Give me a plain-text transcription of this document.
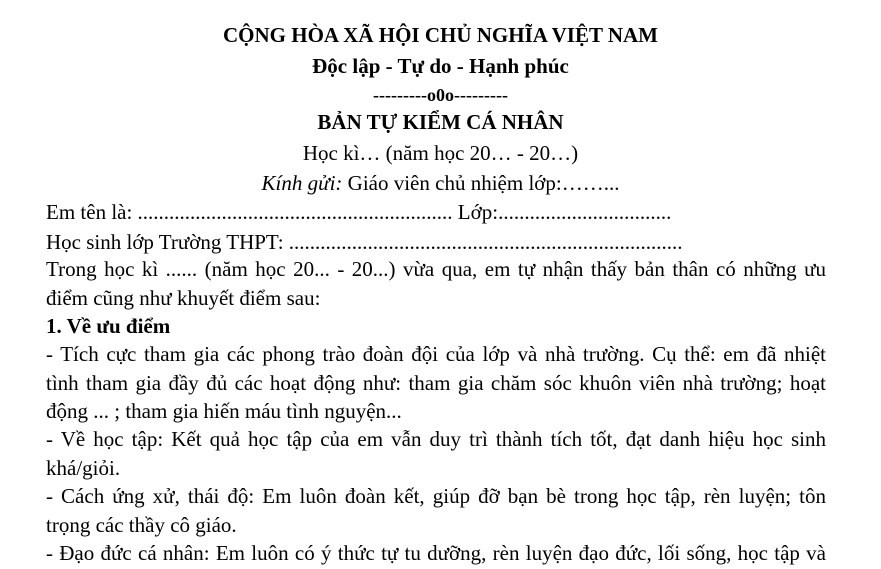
CỘNG HÒA XÃ HỘI CHỦ NGHĨA VIỆT NAM
Độc lập - Tự do - Hạnh phúc
---------o0o---------
BẢN TỰ KIỂM CÁ NHÂN
Học kì… (năm học 20… - 20…)
Kính gửi: Giáo viên chủ nhiệm lớp:……...
Em tên là: ............................................................ Lớp:.................................
Học sinh lớp Trường THPT: ...........................................................................
Trong học kì ...... (năm học 20... - 20...) vừa qua, em tự nhận thấy bản thân có những ưu
điểm cũng như khuyết điểm sau:
1. Về ưu điểm
- Tích cực tham gia các phong trào đoàn đội của lớp và nhà trường. Cụ thể: em đã nhiệt
tình tham gia đầy đủ các hoạt động như: tham gia chăm sóc khuôn viên nhà trường; hoạt
động ... ; tham gia hiến máu tình nguyện...
- Về học tập: Kết quả học tập của em vẫn duy trì thành tích tốt, đạt danh hiệu học sinh
khá/giỏi.
- Cách ứng xử, thái độ: Em luôn đoàn kết, giúp đỡ bạn bè trong học tập, rèn luyện; tôn
trọng các thầy cô giáo.
- Đạo đức cá nhân: Em luôn có ý thức tự tu dưỡng, rèn luyện đạo đức, lối sống, học tập và
